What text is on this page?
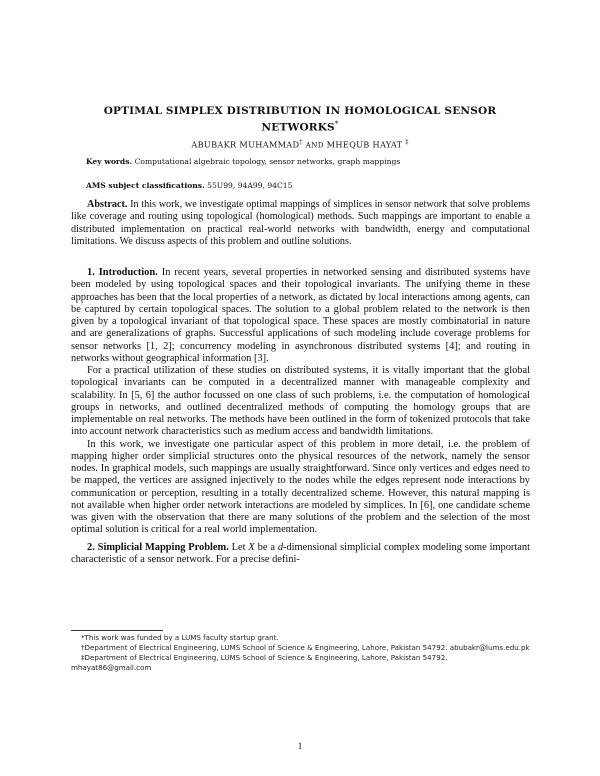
OPTIMAL SIMPLEX DISTRIBUTION IN HOMOLOGICAL SENSOR
NETWORKS*
ABUBAKR MUHAMMAD† AND MHEQUB HAYAT ‡
Key words. Computational algebraic topology, sensor networks, graph mappings
AMS subject classifications. 55U99, 94A99, 94C15

Abstract. In this work, we investigate optimal mappings of simplices in sensor network that solve problems like coverage and routing using topological (homological) methods. Such mappings are important to enable a distributed implementation on practical real-world networks with bandwidth, energy and computational limitations. We discuss aspects of this problem and outline solutions.

1. Introduction. In recent years, several properties in networked sensing and distributed systems have been modeled by using topological spaces and their topological invariants. The unifying theme in these approaches has been that the local properties of a network, as dictated by local interactions among agents, can be captured by certain topological spaces. The solution to a global problem related to the network is then given by a topological invariant of that topological space. These spaces are mostly combinatorial in nature and are generalizations of graphs. Successful applications of such modeling include coverage problems for sensor networks [1, 2]; concurrency modeling in asynchronous distributed systems [4]; and routing in networks without geographical information [3].

For a practical utilization of these studies on distributed systems, it is vitally important that the global topological invariants can be computed in a decentralized manner with manageable complexity and scalability. In [5, 6] the author focussed on one class of such problems, i.e. the computation of homological groups in networks, and outlined decentralized methods of computing the homology groups that are implementable on real networks. The methods have been outlined in the form of tokenized protocols that take into account network characteristics such as medium access and bandwidth limitations.

In this work, we investigate one particular aspect of this problem in more detail, i.e. the problem of mapping higher order simplicial structures onto the physical resources of the network, namely the sensor nodes. In graphical models, such mappings are usually straightforward. Since only vertices and edges need to be mapped, the vertices are assigned injectively to the nodes while the edges represent node interactions by communication or perception, resulting in a totally decentralized scheme. However, this natural mapping is not available when higher order network interactions are modeled by simplices. In [6], one candidate scheme was given with the observation that there are many solutions of the problem and the selection of the most optimal solution is critical for a real world implementation.

2. Simplicial Mapping Problem. Let X be a d-dimensional simplicial complex modeling some important characteristic of a sensor network. For a precise defini-

*This work was funded by a LUMS faculty startup grant.

†Department of Electrical Engineering, LUMS School of Science & Engineering, Lahore, Pakistan 54792. abubakr@lums.edu.pk

‡Department of Electrical Engineering, LUMS School of Science & Engineering, Lahore, Pakistan 54792. mhayat86@gmail.com

1
